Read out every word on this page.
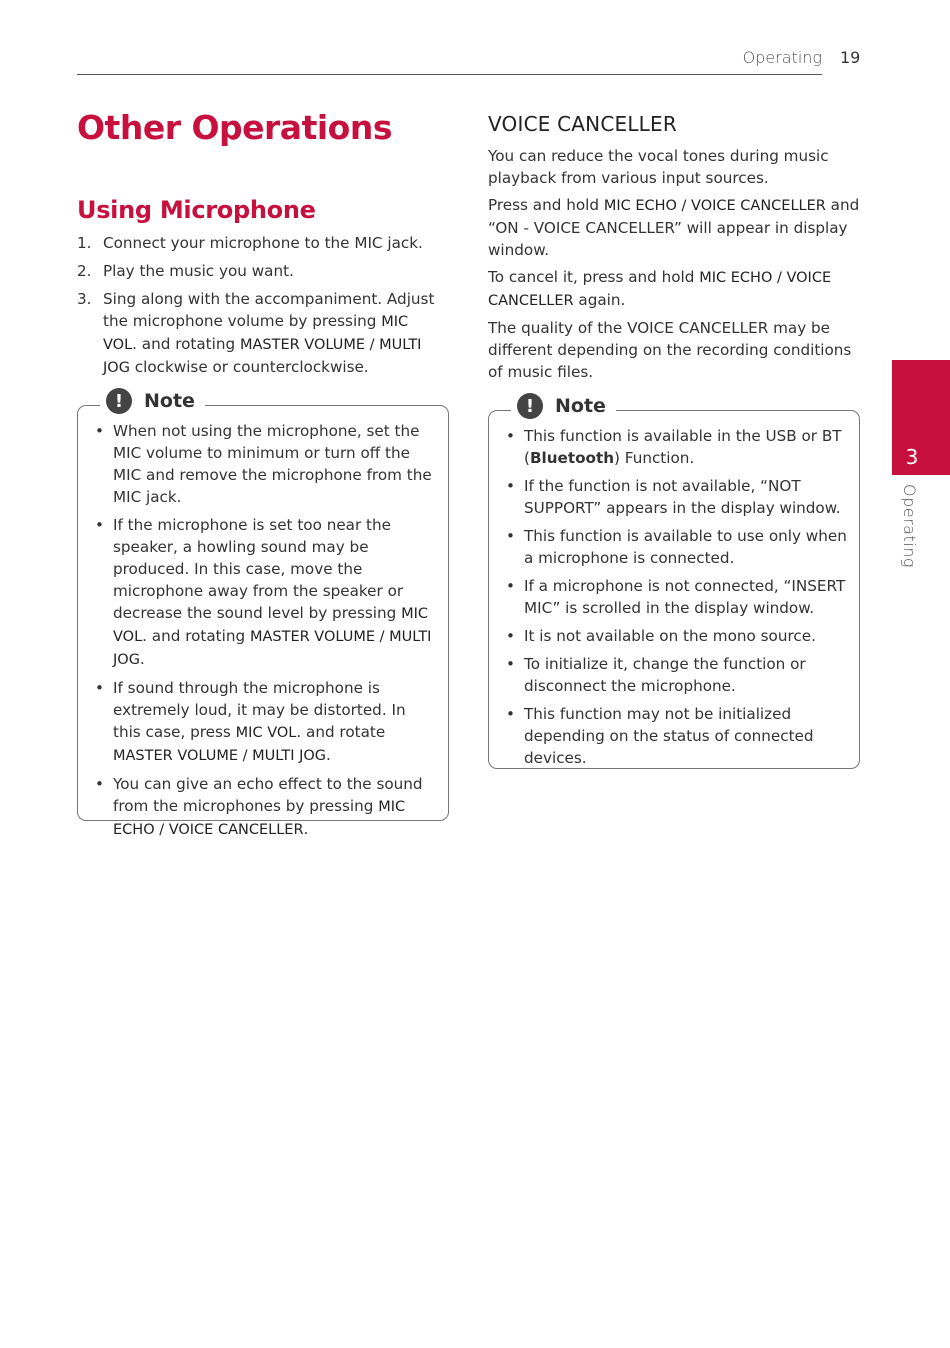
Operating 19
Other Operations
Using Microphone
1. Connect your microphone to the MIC jack.
2. Play the music you want.
3. Sing along with the accompaniment. Adjust the microphone volume by pressing MIC VOL. and rotating MASTER VOLUME / MULTI JOG clockwise or counterclockwise.
!	Note
• When not using the microphone, set the MIC volume to minimum or turn off the MIC and remove the microphone from the MIC jack.
• If the microphone is set too near the speaker, a howling sound may be produced. In this case, move the microphone away from the speaker or decrease the sound level by pressing MIC VOL. and rotating MASTER VOLUME / MULTI JOG.
• If sound through the microphone is extremely loud, it may be distorted. In this case, press MIC VOL. and rotate MASTER VOLUME / MULTI JOG.
• You can give an echo effect to the sound from the microphones by pressing MIC ECHO / VOICE CANCELLER.
VOICE CANCELLER

You can reduce the vocal tones during music playback from various input sources.

Press and hold MIC ECHO / VOICE CANCELLER and “ON - VOICE CANCELLER” will appear in display window.

To cancel it, press and hold MIC ECHO / VOICE CANCELLER again.

The quality of the VOICE CANCELLER may be different depending on the recording conditions of music files.

!	Note
• This function is available in the USB or BT (Bluetooth) Function.
• If the function is not available, “NOT SUPPORT” appears in the display window.
• This function is available to use only when a microphone is connected.
• If a microphone is not connected, “INSERT MIC” is scrolled in the display window.
• It is not available on the mono source.
• To initialize it, change the function or disconnect the microphone.
• This function may not be initialized depending on the status of connected devices.
3
Operating
